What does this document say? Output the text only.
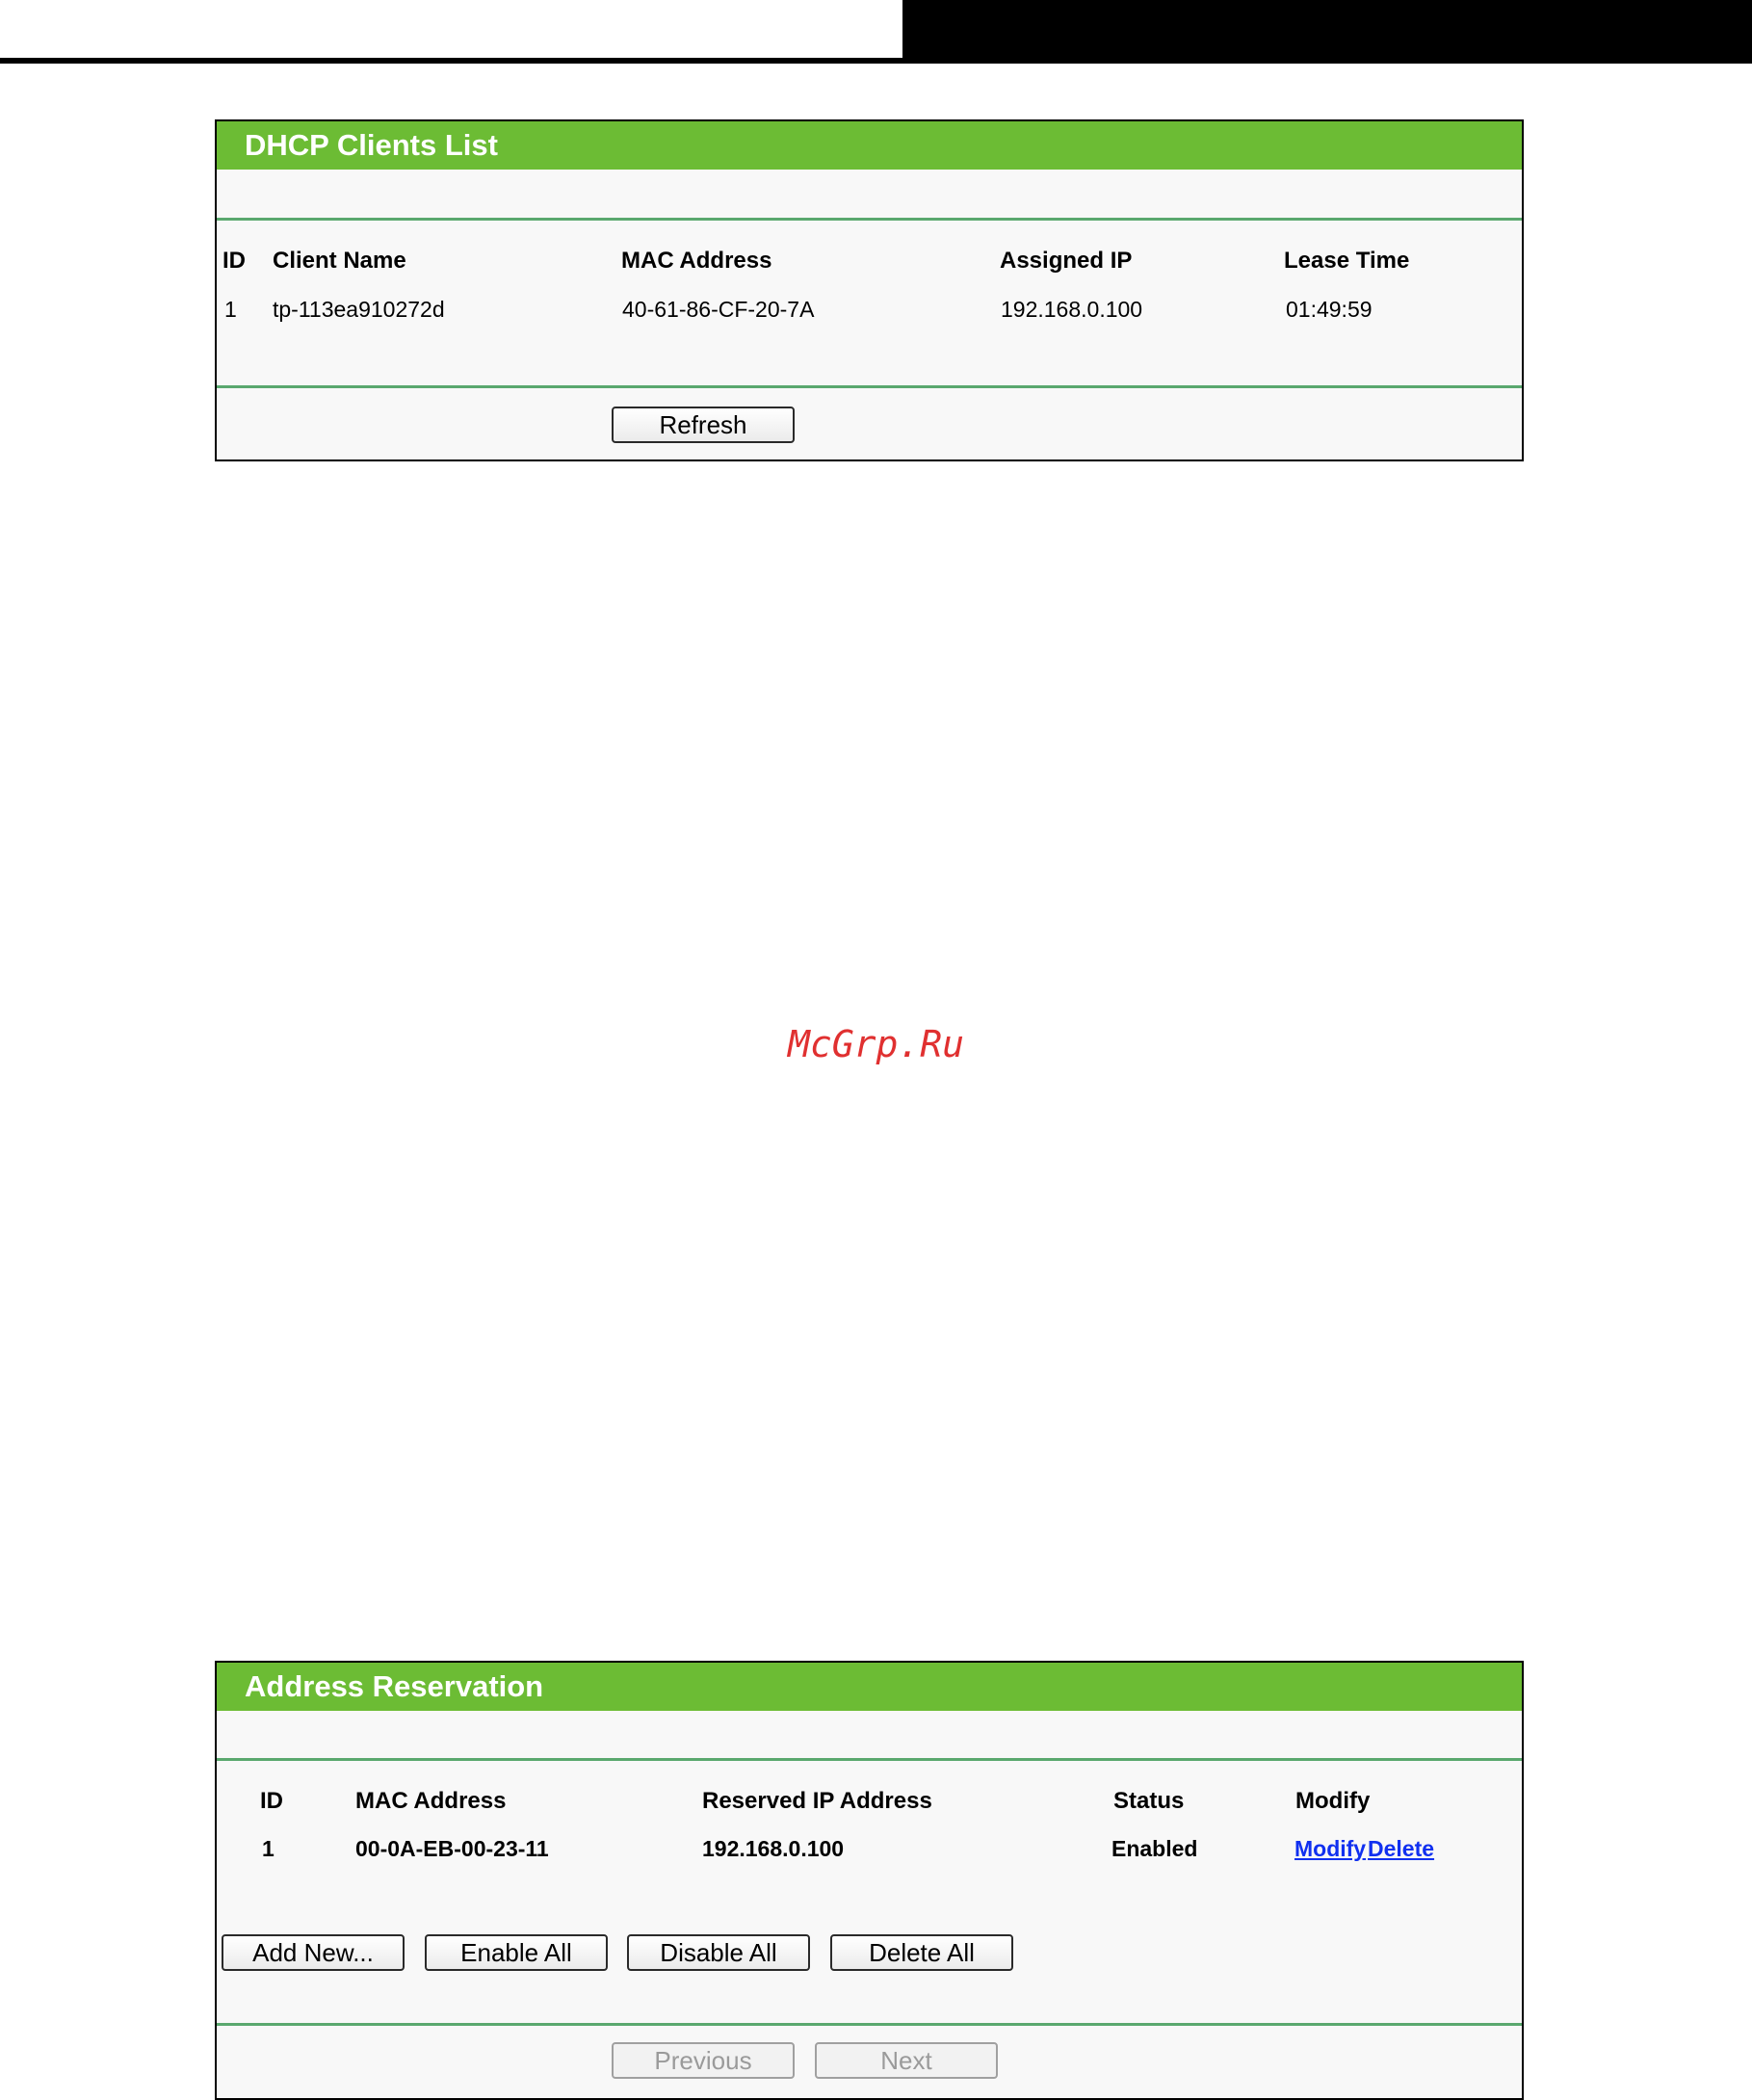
DHCP Clients List
ID Client Name	MAC Address	Assigned IP	Lease Time
1 tp-113ea910272d	40-61-86-CF-20-7A	192.168.0.100	01:49:59
Refresh
McGrp.Ru
Address Reservation
ID	MAC Address	Reserved IP Address	Status	Modify
1	00-0A-EB-00-23-11	192.168.0.100	Enabled	Modify Delete
Add New...	Enable All	Disable All	Delete All
Previous	Next
